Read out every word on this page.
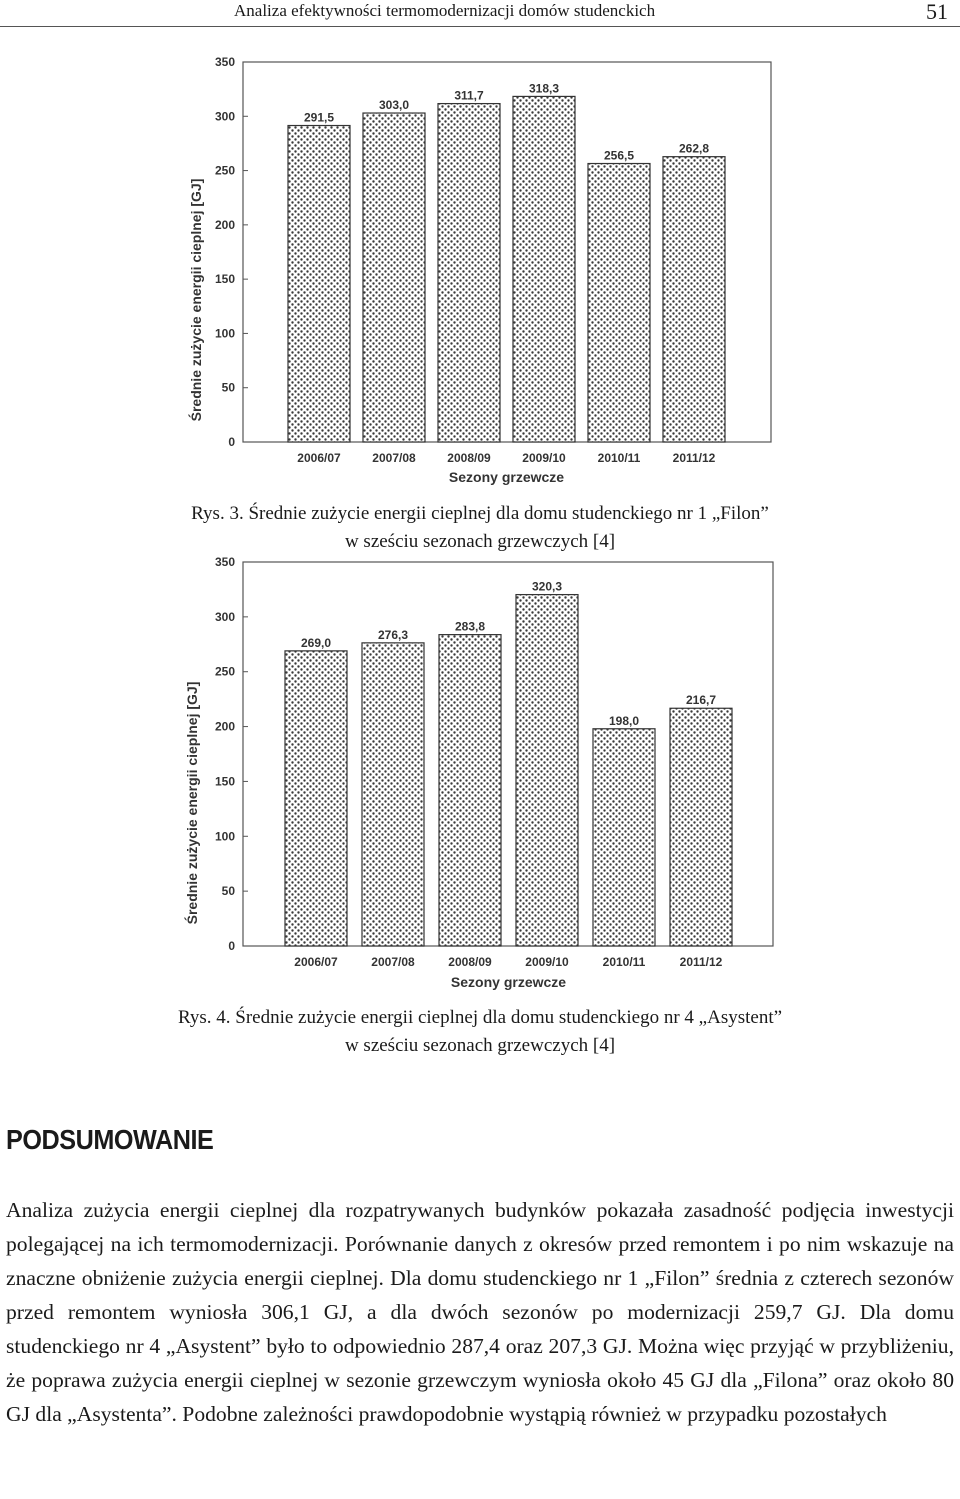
Analiza efektywności termomodernizacji domów studenckich	51
0
50
100
150
200
250
300
350
291,5
2006/07
303,0
2007/08
311,7
2008/09
318,3
2009/10
256,5
2010/11
262,8
2011/12
Sezony grzewcze
Średnie zużycie energii cieplnej [GJ]
Rys. 3. Średnie zużycie energii cieplnej dla domu studenckiego nr 1 „Filon”
w sześciu sezonach grzewczych [4]
0
50
100
150
200
250
300
350
269,0
2006/07
276,3
2007/08
283,8
2008/09
320,3
2009/10
198,0
2010/11
216,7
2011/12
Sezony grzewcze
Średnie zużycie energii cieplnej [GJ]
Rys. 4. Średnie zużycie energii cieplnej dla domu studenckiego nr 4 „Asystent”
w sześciu sezonach grzewczych [4]
PODSUMOWANIE
Analiza zużycia energii cieplnej dla rozpatrywanych budynków pokazała zasadność podjęcia inwestycji polegającej na ich termomodernizacji. Porównanie danych z okresów przed remontem i po nim wskazuje na znaczne obniżenie zużycia energii cieplnej. Dla domu studenckiego nr 1 „Filon” średnia z czterech sezonów przed remontem wyniosła 306,1 GJ, a dla dwóch sezonów po modernizacji 259,7 GJ. Dla domu studenckiego nr 4 „Asystent” było to odpowiednio 287,4 oraz 207,3 GJ. Można więc przyjąć w przybliżeniu, że poprawa zużycia energii cieplnej w sezonie grzewczym wyniosła około 45 GJ dla „Filona” oraz około 80 GJ dla „Asystenta”. Podobne zależności prawdopodobnie wystąpią również w przypadku pozostałych
